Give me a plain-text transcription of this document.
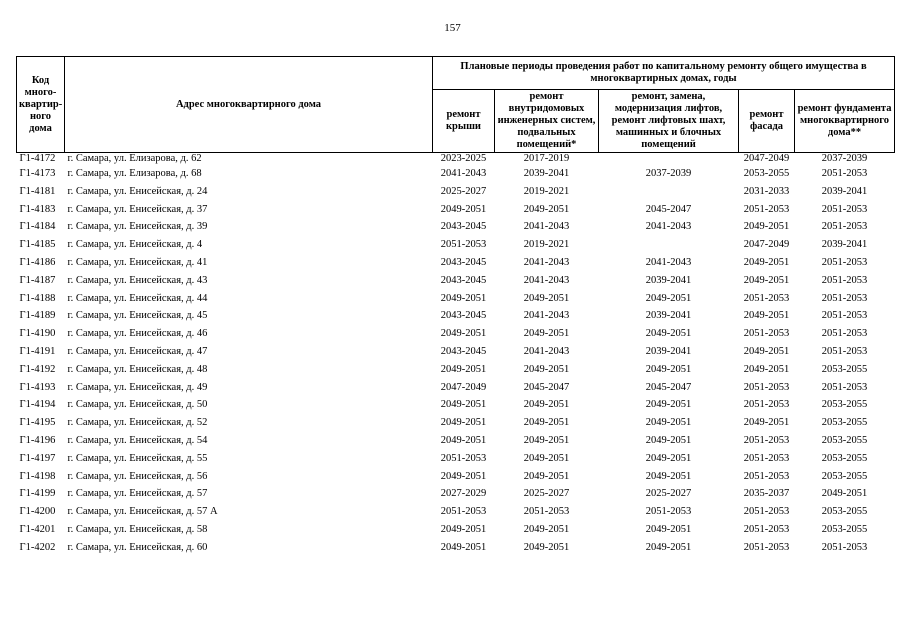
157
Код много-квартир-ного дома	Адрес многоквартирного дома	Плановые периоды проведения работ по капитальному ремонту общего имущества в многоквартирных домах, годы				
		ремонт крыши	ремонт внутридомовых инженерных систем, подвальных помещений*	ремонт, замена, модернизация лифтов, ремонт лифтовых шахт, машинных и блочных помещений	ремонт фасада	ремонт фундамента многоквартирного дома**
Г1-4172	г. Самара, ул. Елизарова, д. 62	2023-2025	2017-2019		2047-2049	2037-2039
Г1-4173	г. Самара, ул. Елизарова, д. 68	2041-2043	2039-2041	2037-2039	2053-2055	2051-2053
Г1-4181	г. Самара, ул. Енисейская, д. 24	2025-2027	2019-2021		2031-2033	2039-2041
Г1-4183	г. Самара, ул. Енисейская, д. 37	2049-2051	2049-2051	2045-2047	2051-2053	2051-2053
Г1-4184	г. Самара, ул. Енисейская, д. 39	2043-2045	2041-2043	2041-2043	2049-2051	2051-2053
Г1-4185	г. Самара, ул. Енисейская, д. 4	2051-2053	2019-2021		2047-2049	2039-2041
Г1-4186	г. Самара, ул. Енисейская, д. 41	2043-2045	2041-2043	2041-2043	2049-2051	2051-2053
Г1-4187	г. Самара, ул. Енисейская, д. 43	2043-2045	2041-2043	2039-2041	2049-2051	2051-2053
Г1-4188	г. Самара, ул. Енисейская, д. 44	2049-2051	2049-2051	2049-2051	2051-2053	2051-2053
Г1-4189	г. Самара, ул. Енисейская, д. 45	2043-2045	2041-2043	2039-2041	2049-2051	2051-2053
Г1-4190	г. Самара, ул. Енисейская, д. 46	2049-2051	2049-2051	2049-2051	2051-2053	2051-2053
Г1-4191	г. Самара, ул. Енисейская, д. 47	2043-2045	2041-2043	2039-2041	2049-2051	2051-2053
Г1-4192	г. Самара, ул. Енисейская, д. 48	2049-2051	2049-2051	2049-2051	2049-2051	2053-2055
Г1-4193	г. Самара, ул. Енисейская, д. 49	2047-2049	2045-2047	2045-2047	2051-2053	2051-2053
Г1-4194	г. Самара, ул. Енисейская, д. 50	2049-2051	2049-2051	2049-2051	2051-2053	2053-2055
Г1-4195	г. Самара, ул. Енисейская, д. 52	2049-2051	2049-2051	2049-2051	2049-2051	2053-2055
Г1-4196	г. Самара, ул. Енисейская, д. 54	2049-2051	2049-2051	2049-2051	2051-2053	2053-2055
Г1-4197	г. Самара, ул. Енисейская, д. 55	2051-2053	2049-2051	2049-2051	2051-2053	2053-2055
Г1-4198	г. Самара, ул. Енисейская, д. 56	2049-2051	2049-2051	2049-2051	2051-2053	2053-2055
Г1-4199	г. Самара, ул. Енисейская, д. 57	2027-2029	2025-2027	2025-2027	2035-2037	2049-2051
Г1-4200	г. Самара, ул. Енисейская, д. 57 А	2051-2053	2051-2053	2051-2053	2051-2053	2053-2055
Г1-4201	г. Самара, ул. Енисейская, д. 58	2049-2051	2049-2051	2049-2051	2051-2053	2053-2055
Г1-4202	г. Самара, ул. Енисейская, д. 60	2049-2051	2049-2051	2049-2051	2051-2053	2051-2053
